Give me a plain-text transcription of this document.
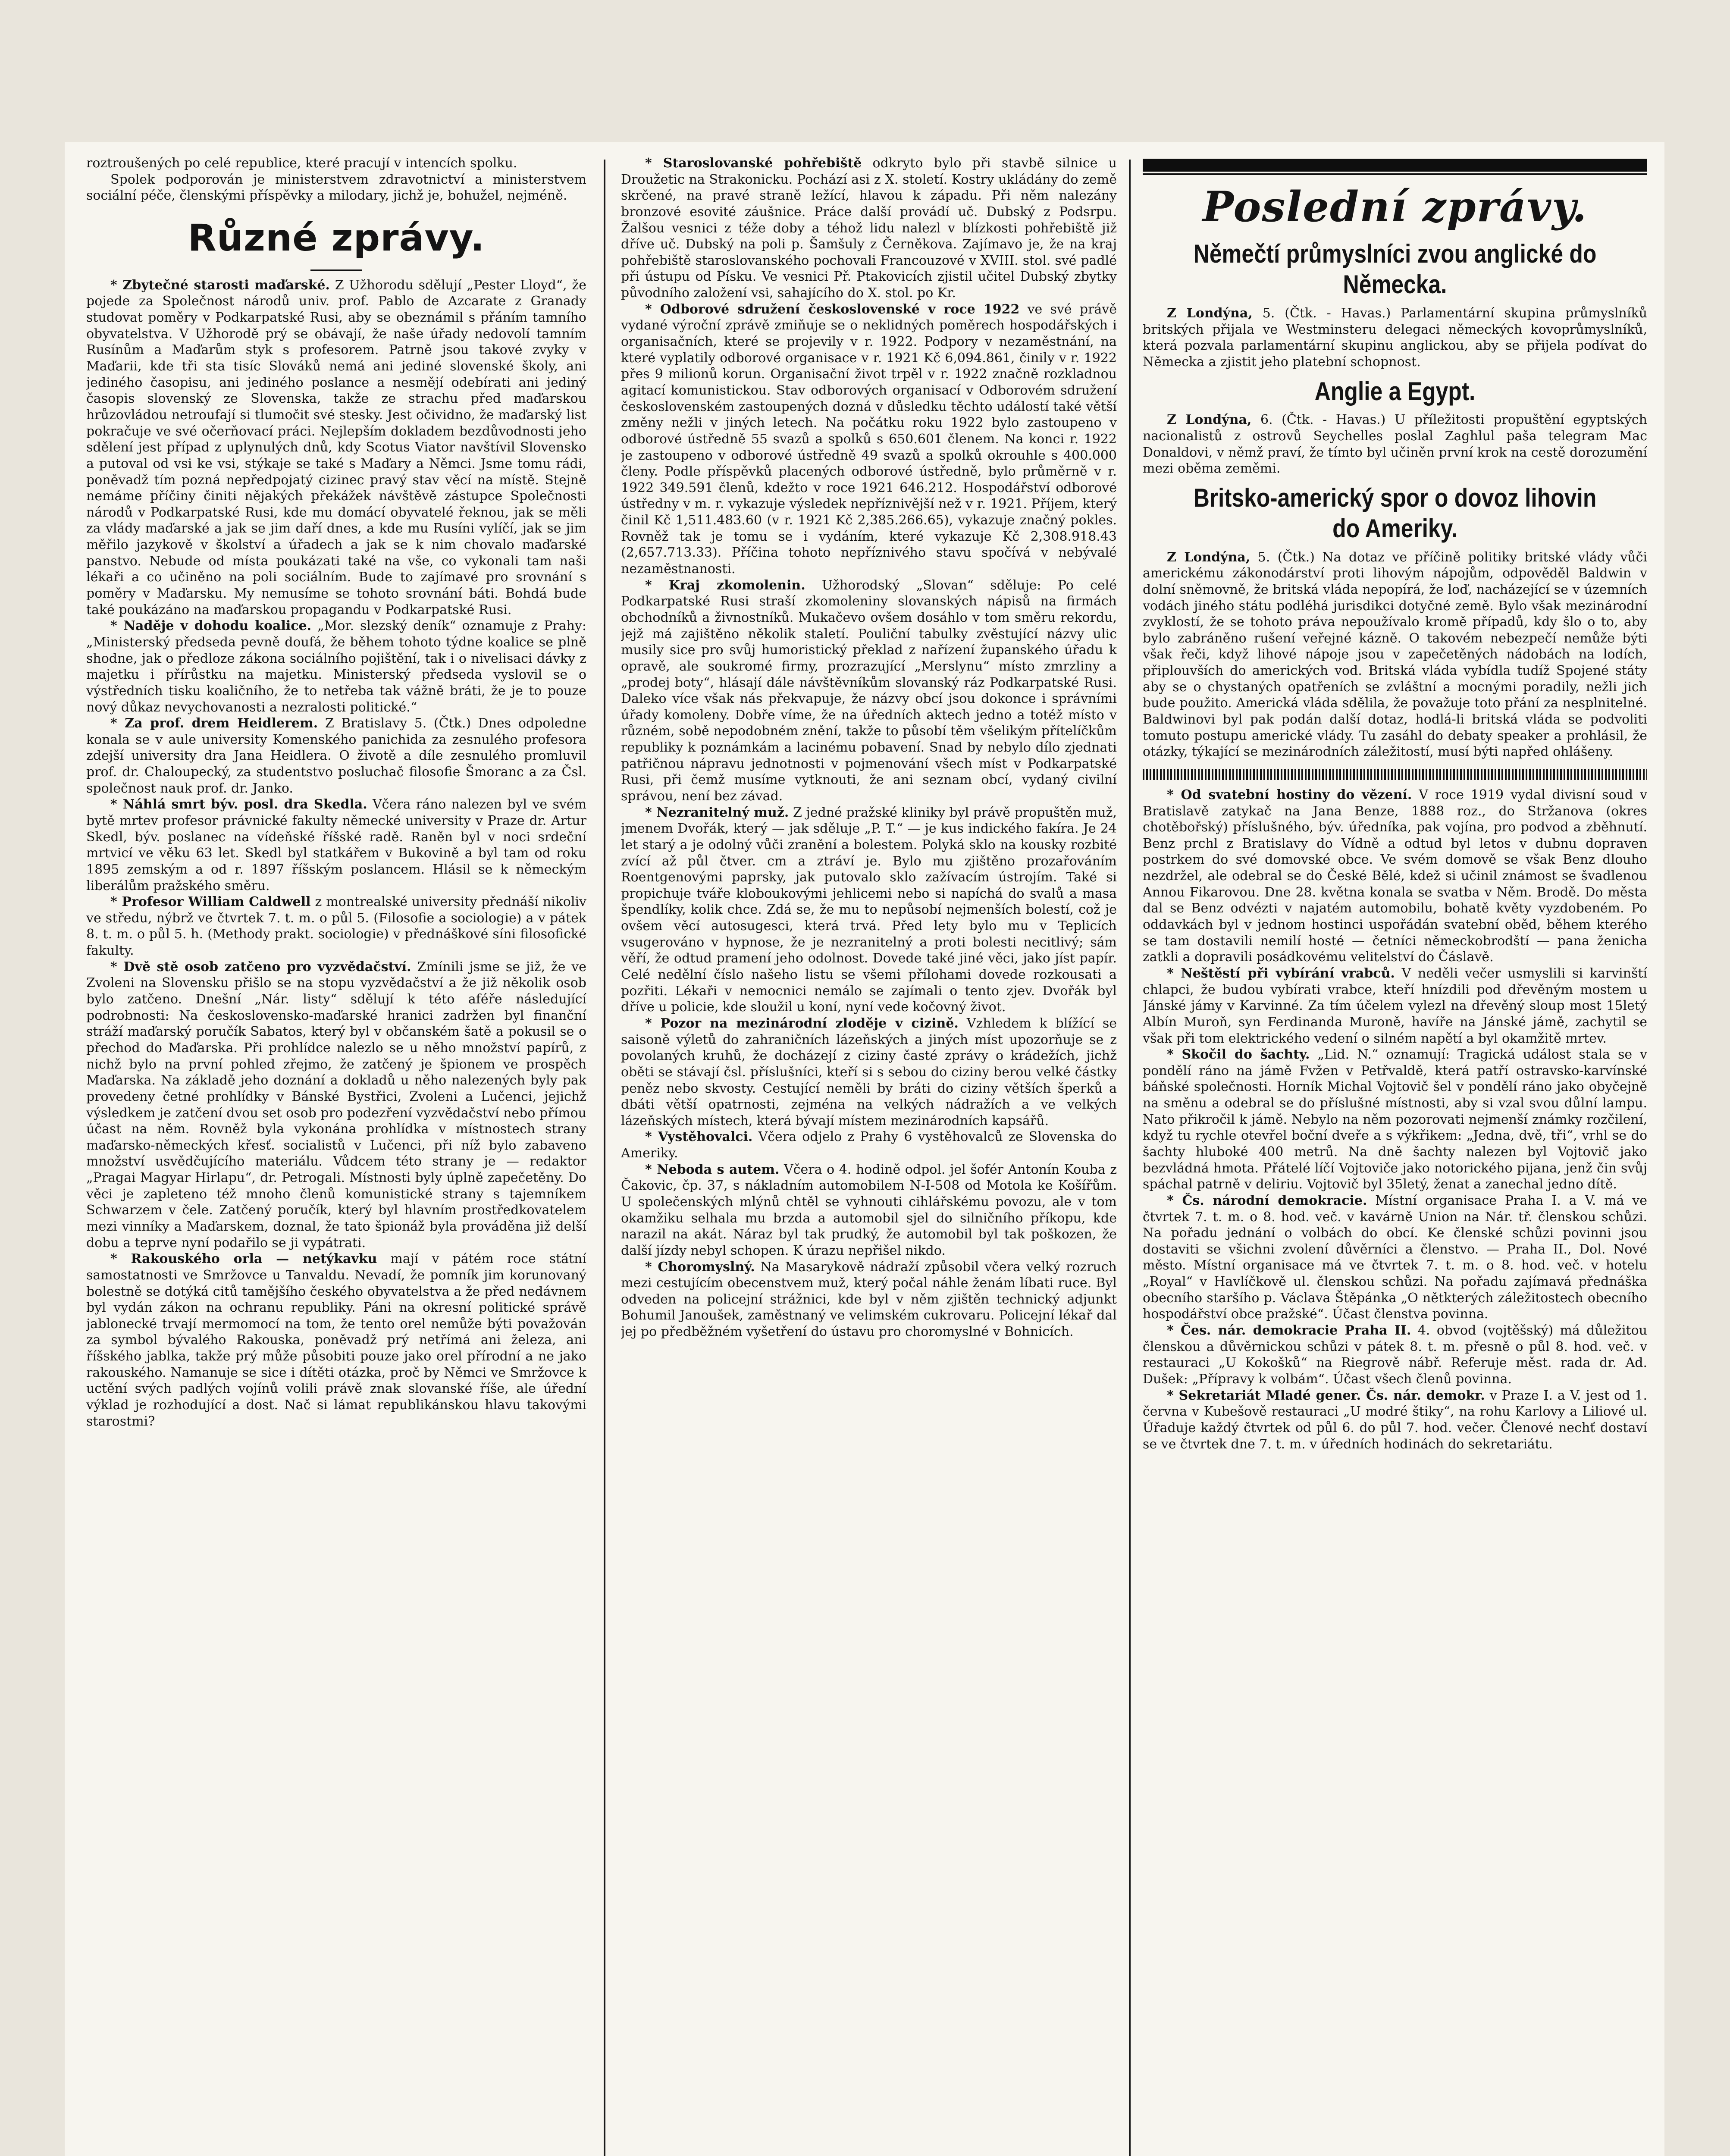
roztroušených po celé republice, které pracují v intencích spolku.

Spolek podporován je ministerstvem zdravotnictví a ministerstvem sociální péče, členskými příspěvky a milodary, jichž je, bohužel, nejméně.

Různé zprávy.

* Zbytečné starosti maďarské. Z Užhorodu sdělují „Pester Lloyd“, že pojede za Společnost národů univ. prof. Pablo de Azcarate z Granady studovat poměry v Podkarpatské Rusi, aby se obeznámil s přáním tamního obyvatelstva. V Užhorodě prý se obávají, že naše úřady nedovolí tamním Rusínům a Maďarům styk s profesorem. Patrně jsou takové zvyky v Maďarii, kde tři sta tisíc Slováků nemá ani jediné slovenské školy, ani jediného časopisu, ani jediného poslance a nesmějí odebírati ani jediný časopis slovenský ze Slovenska, takže ze strachu před maďarskou hrůzovládou netroufají si tlumočit své stesky. Jest očividno, že maďarský list pokračuje ve své očerňovací práci. Nejlepším dokladem bezdůvodnosti jeho sdělení jest případ z uplynulých dnů, kdy Scotus Viator navštívil Slovensko a putoval od vsi ke vsi, stýkaje se také s Maďary a Němci. Jsme tomu rádi, poněvadž tím pozná nepředpojatý cizinec pravý stav věcí na místě. Stejně nemáme příčiny činiti nějakých překážek návštěvě zástupce Společnosti národů v Podkarpatské Rusi, kde mu domácí obyvatelé řeknou, jak se měli za vlády maďarské a jak se jim daří dnes, a kde mu Rusíni vylíčí, jak se jim měřilo jazykově v školství a úřadech a jak se k nim chovalo maďarské panstvo. Nebude od místa poukázati také na vše, co vykonali tam naši lékaři a co učiněno na poli sociálním. Bude to zajímavé pro srovnání s poměry v Maďarsku. My nemusíme se tohoto srovnání báti. Bohdá bude také poukázáno na maďarskou propagandu v Podkarpatské Rusi.

* Naděje v dohodu koalice. „Mor. slezský deník“ oznamuje z Prahy: „Ministerský předseda pevně doufá, že během tohoto týdne koalice se plně shodne, jak o předloze zákona sociálního pojištění, tak i o nivelisaci dávky z majetku i přírůstku na majetku. Ministerský předseda vyslovil se o výstředních tisku koaličního, že to netřeba tak vážně bráti, že je to pouze nový důkaz nevychovanosti a nezralosti politické.“

* Za prof. drem Heidlerem. Z Bratislavy 5. (Čtk.) Dnes odpoledne konala se v aule university Komenského panichida za zesnulého profesora zdejší university dra Jana Heidlera. O životě a díle zesnulého promluvil prof. dr. Chaloupecký, za studentstvo posluchač filosofie Šmoranc a za Čsl. společnost nauk prof. dr. Janko.

* Náhlá smrt býv. posl. dra Skedla. Včera ráno nalezen byl ve svém bytě mrtev profesor právnické fakulty německé university v Praze dr. Artur Skedl, býv. poslanec na vídeňské říšské radě. Raněn byl v noci srdeční mrtvicí ve věku 63 let. Skedl byl statkářem v Bukovině a byl tam od roku 1895 zemským a od r. 1897 říšským poslancem. Hlásil se k německým liberálům pražského směru.

* Profesor William Caldwell z montrealské university přednáší nikoliv ve středu, nýbrž ve čtvrtek 7. t. m. o půl 5. (Filosofie a sociologie) a v pátek 8. t. m. o půl 5. h. (Methody prakt. sociologie) v přednáškové síni filosofické fakulty.

* Dvě stě osob zatčeno pro vyzvědačství. Zmínili jsme se již, že ve Zvoleni na Slovensku přišlo se na stopu vyzvědačství a že již několik osob bylo zatčeno. Dnešní „Nár. listy“ sdělují k této aféře následující podrobnosti: Na československo-maďarské hranici zadržen byl finanční stráží maďarský poručík Sabatos, který byl v občanském šatě a pokusil se o přechod do Maďarska. Při prohlídce nalezlo se u něho množství papírů, z nichž bylo na první pohled zřejmo, že zatčený je špionem ve prospěch Maďarska. Na základě jeho doznání a dokladů u něho nalezených byly pak provedeny četné prohlídky v Bánské Bystřici, Zvoleni a Lučenci, jejichž výsledkem je zatčení dvou set osob pro podezření vyzvědačství nebo přímou účast na něm. Rovněž byla vykonána prohlídka v místnostech strany maďarsko-německých křesť. socialistů v Lučenci, při níž bylo zabaveno množství usvědčujícího materiálu. Vůdcem této strany je — redaktor „Pragai Magyar Hirlapu“, dr. Petrogali. Místnosti byly úplně zapečetěny. Do věci je zapleteno též mnoho členů komunistické strany s tajemníkem Schwarzem v čele. Zatčený poručík, který byl hlavním prostředkovatelem mezi vinníky a Maďarskem, doznal, že tato špionáž byla prováděna již delší dobu a teprve nyní podařilo se ji vypátrati.

* Rakouského orla — netýkavku mají v pátém roce státní samostatnosti ve Smržovce u Tanvaldu. Nevadí, že pomník jim korunovaný bolestně se dotýká citů tamějšího českého obyvatelstva a že před nedávnem byl vydán zákon na ochranu republiky. Páni na okresní politické správě jablonecké trvají mermomocí na tom, že tento orel nemůže býti považován za symbol bývalého Rakouska, poněvadž prý netřímá ani železa, ani říšského jablka, takže prý může působiti pouze jako orel přírodní a ne jako rakouského. Namanuje se sice i dítěti otázka, proč by Němci ve Smržovce k uctění svých padlých vojínů volili právě znak slovanské říše, ale úřední výklad je rozhodující a dost. Nač si lámat republikánskou hlavu takovými starostmi?

* Staroslovanské pohřebiště odkryto bylo při stavbě silnice u Droužetic na Strakonicku. Pochází asi z X. století. Kostry ukládány do země skrčené, na pravé straně ležící, hlavou k západu. Při něm nalezány bronzové esovité záušnice. Práce další provádí uč. Dubský z Podsrpu. Žalšou vesnici z téže doby a téhož lidu nalezl v blízkosti pohřebiště již dříve uč. Dubský na poli p. Šamšuly z Černěkova. Zajímavo je, že na kraj pohřebiště staroslovanského pochovali Francouzové v XVIII. stol. své padlé při ústupu od Písku. Ve vesnici Př. Ptakovicích zjistil učitel Dubský zbytky původního založení vsi, sahajícího do X. stol. po Kr.

* Odborové sdružení československé v roce 1922 ve své právě vydané výroční zprávě zmiňuje se o neklidných poměrech hospodářských i organisačních, které se projevily v r. 1922. Podpory v nezaměstnání, na které vyplatily odborové organisace v r. 1921 Kč 6,094.861, činily v r. 1922 přes 9 milionů korun. Organisační život trpěl v r. 1922 značně rozkladnou agitací komunistickou. Stav odborových organisací v Odborovém sdružení československém zastoupených dozná v důsledku těchto událostí také větší změny nežli v jiných letech. Na počátku roku 1922 bylo zastoupeno v odborové ústředně 55 svazů a spolků s 650.601 členem. Na konci r. 1922 je zastoupeno v odborové ústředně 49 svazů a spolků okrouhle s 400.000 členy. Podle příspěvků placených odborové ústředně, bylo průměrně v r. 1922 349.591 členů, kdežto v roce 1921 646.212. Hospodářství odborové ústředny v m. r. vykazuje výsledek nepříznivější než v r. 1921. Příjem, který činil Kč 1,511.483.60 (v r. 1921 Kč 2,385.266.65), vykazuje značný pokles. Rovněž tak je tomu se i vydáním, které vykazuje Kč 2,308.918.43 (2,657.713.33). Příčina tohoto nepříznivého stavu spočívá v nebývalé nezaměstnanosti.

* Kraj zkomolenin. Užhorodský „Slovan“ sděluje: Po celé Podkarpatské Rusi straší zkomoleniny slovanských nápisů na firmách obchodníků a živnostníků. Mukačevo ovšem dosáhlo v tom směru rekordu, jejž má zajištěno několik staletí. Pouliční tabulky zvěstující názvy ulic musily sice pro svůj humoristický překlad z nařízení županského úřadu k opravě, ale soukromé firmy, prozrazující „Merslynu“ místo zmrzliny a „prodej boty“, hlásají dále návštěvníkům slovanský ráz Podkarpatské Rusi. Daleko více však nás překvapuje, že názvy obcí jsou dokonce i správními úřady komoleny. Dobře víme, že na úředních aktech jedno a totéž místo v různém, sobě nepodobném znění, takže to působí těm všelikým přítelíčkům republiky k poznámkám a lacinému pobavení. Snad by nebylo dílo zjednati patřičnou nápravu jednotnosti v pojmenování všech míst v Podkarpatské Rusi, při čemž musíme vytknouti, že ani seznam obcí, vydaný civilní správou, není bez závad.

* Nezranitelný muž. Z jedné pražské kliniky byl právě propuštěn muž, jmenem Dvořák, který — jak sděluje „P. T.“ — je kus indického fakíra. Je 24 let starý a je odolný vůči zranění a bolestem. Polyká sklo na kousky rozbité zvící až půl čtver. cm a ztráví je. Bylo mu zjištěno prozařováním Roentgenovými paprsky, jak putovalo sklo zažívacím ústrojím. Také si propichuje tváře kloboukovými jehlicemi nebo si napíchá do svalů a masa špendlíky, kolik chce. Zdá se, že mu to nepůsobí nejmenších bolestí, což je ovšem věcí autosugesci, která trvá. Před lety bylo mu v Teplicích vsugerováno v hypnose, že je nezranitelný a proti bolesti necitlivý; sám věří, že odtud pramení jeho odolnost. Dovede také jiné věci, jako jíst papír. Celé nedělní číslo našeho listu se všemi přílohami dovede rozkousati a pozřiti. Lékaři v nemocnici nemálo se zajímali o tento zjev. Dvořák byl dříve u policie, kde sloužil u koní, nyní vede kočovný život.

* Pozor na mezinárodní zloděje v cizině. Vzhledem k blížící se saisoně výletů do zahraničních lázeňských a jiných míst upozorňuje se z povolaných kruhů, že docházejí z ciziny časté zprávy o krádežích, jichž oběti se stávají čsl. příslušníci, kteří si s sebou do ciziny berou velké částky peněz nebo skvosty. Cestující neměli by bráti do ciziny větších šperků a dbáti větší opatrnosti, zejména na velkých nádražích a ve velkých lázeňských místech, která bývají místem mezinárodních kapsářů.

* Vystěhovalci. Včera odjelo z Prahy 6 vystěhovalců ze Slovenska do Ameriky.

* Neboda s autem. Včera o 4. hodině odpol. jel šofér Antonín Kouba z Čakovic, čp. 37, s nákladním automobilem N-I-508 od Motola ke Košířům. U společenských mlýnů chtěl se vyhnouti cihlářskému povozu, ale v tom okamžiku selhala mu brzda a automobil sjel do silničního příkopu, kde narazil na akát. Náraz byl tak prudký, že automobil byl tak poškozen, že další jízdy nebyl schopen. K úrazu nepřišel nikdo.

* Choromyslný. Na Masarykově nádraží způsobil včera velký rozruch mezi cestujícím obecenstvem muž, který počal náhle ženám líbati ruce. Byl odveden na policejní strážnici, kde byl v něm zjištěn technický adjunkt Bohumil Janoušek, zaměstnaný ve velimském cukrovaru. Policejní lékař dal jej po předběžném vyšetření do ústavu pro choromyslné v Bohnicích.

Poslední zprávy.
Němečtí průmyslníci zvou anglické do Německa.

Z Londýna, 5. (Čtk. - Havas.) Parlamentární skupina průmyslníků britských přijala ve Westminsteru delegaci německých kovoprůmyslníků, která pozvala parlamentární skupinu anglickou, aby se přijela podívat do Německa a zjistit jeho platební schopnost.

Anglie a Egypt.

Z Londýna, 6. (Čtk. - Havas.) U příležitosti propuštění egyptských nacionalistů z ostrovů Seychelles poslal Zaghlul paša telegram Mac Donaldovi, v němž praví, že tímto byl učiněn první krok na cestě dorozumění mezi oběma zeměmi.

Britsko-americký spor o dovoz lihovin do Ameriky.

Z Londýna, 5. (Čtk.) Na dotaz ve příčině politiky britské vlády vůči americkému zákonodárství proti lihovým nápojům, odpověděl Baldwin v dolní sněmovně, že britská vláda nepopírá, že loď, nacházející se v územních vodách jiného státu podléhá jurisdikci dotyčné země. Bylo však mezinárodní zvyklostí, že se tohoto práva nepoužívalo kromě případů, kdy šlo o to, aby bylo zabráněno rušení veřejné kázně. O takovém nebezpečí nemůže býti však řeči, když lihové nápoje jsou v zapečetěných nádobách na lodích, připlouvších do amerických vod. Britská vláda vybídla tudíž Spojené státy aby se o chystaných opatřeních se zvláštní a mocnými poradily, nežli jich bude použito. Americká vláda sdělila, že považuje toto přání za nesplnitelné. Baldwinovi byl pak podán další dotaz, hodlá-li britská vláda se podvoliti tomuto postupu americké vlády. Tu zasáhl do debaty speaker a prohlásil, že otázky, týkající se mezinárodních záležitostí, musí býti napřed ohlášeny.

* Od svatební hostiny do vězení. V roce 1919 vydal divisní soud v Bratislavě zatykač na Jana Benze, 1888 roz., do Stržanova (okres chotěbořský) příslušného, býv. úředníka, pak vojína, pro podvod a zběhnutí. Benz prchl z Bratislavy do Vídně a odtud byl letos v dubnu dopraven postrkem do své domovské obce. Ve svém domově se však Benz dlouho nezdržel, ale odebral se do České Bělé, kdež si učinil známost se švadlenou Annou Fikarovou. Dne 28. května konala se svatba v Něm. Brodě. Do města dal se Benz odvézti v najatém automobilu, bohatě květy vyzdobeném. Po oddavkách byl v jednom hostinci uspořádán svatební oběd, během kterého se tam dostavili nemilí hosté — četníci německobrodští — pana ženicha zatkli a dopravili posádkovému velitelství do Čáslavě.

* Neštěstí při vybírání vrabců. V neděli večer usmyslili si karvinští chlapci, že budou vybírati vrabce, kteří hnízdili pod dřevěným mostem u Jánské jámy v Karvinné. Za tím účelem vylezl na dřevěný sloup most 15letý Albín Muroň, syn Ferdinanda Muroně, havíře na Jánské jámě, zachytil se však při tom elektrického vedení o silném napětí a byl okamžitě mrtev.

* Skočil do šachty. „Lid. N.“ oznamují: Tragická událost stala se v pondělí ráno na jámě Fvžen v Petřvaldě, která patří ostravsko-karvínské báňské společnosti. Horník Michal Vojtovič šel v pondělí ráno jako obyčejně na směnu a odebral se do příslušné místnosti, aby si vzal svou důlní lampu. Nato přikročil k jámě. Nebylo na něm pozorovati nejmenší známky rozčilení, když tu rychle otevřel boční dveře a s výkřikem: „Jedna, dvě, tři“, vrhl se do šachty hluboké 400 metrů. Na dně šachty nalezen byl Vojtovič jako bezvládná hmota. Přátelé líčí Vojtoviče jako notorického pijana, jenž čin svůj spáchal patrně v deliriu. Vojtovič byl 35letý, ženat a zanechal jedno dítě.

* Čs. národní demokracie. Místní organisace Praha I. a V. má ve čtvrtek 7. t. m. o 8. hod. več. v kavárně Union na Nár. tř. členskou schůzi. Na pořadu jednání o volbách do obcí. Ke členské schůzi povinni jsou dostaviti se všichni zvolení důvěrníci a členstvo. — Praha II., Dol. Nové město. Místní organisace má ve čtvrtek 7. t. m. o 8. hod. več. v hotelu „Royal“ v Havlíčkově ul. členskou schůzi. Na pořadu zajímavá přednáška obecního staršího p. Václava Štěpánka „O nětkterých záležitostech obecního hospodářství obce pražské“. Účast členstva povinna.

* Čes. nár. demokracie Praha II. 4. obvod (vojtěšský) má důležitou členskou a důvěrnickou schůzi v pátek 8. t. m. přesně o půl 8. hod. več. v restauraci „U Kokošků“ na Riegrově nábř. Referuje měst. rada dr. Ad. Dušek: „Přípravy k volbám“. Účast všech členů povinna.

* Sekretariát Mladé gener. Čs. nár. demokr. v Praze I. a V. jest od 1. června v Kubešově restauraci „U modré štiky“, na rohu Karlovy a Liliové ul. Úřaduje každý čtvrtek od půl 6. do půl 7. hod. večer. Členové nechť dostaví se ve čtvrtek dne 7. t. m. v úředních hodinách do sekretariátu.
